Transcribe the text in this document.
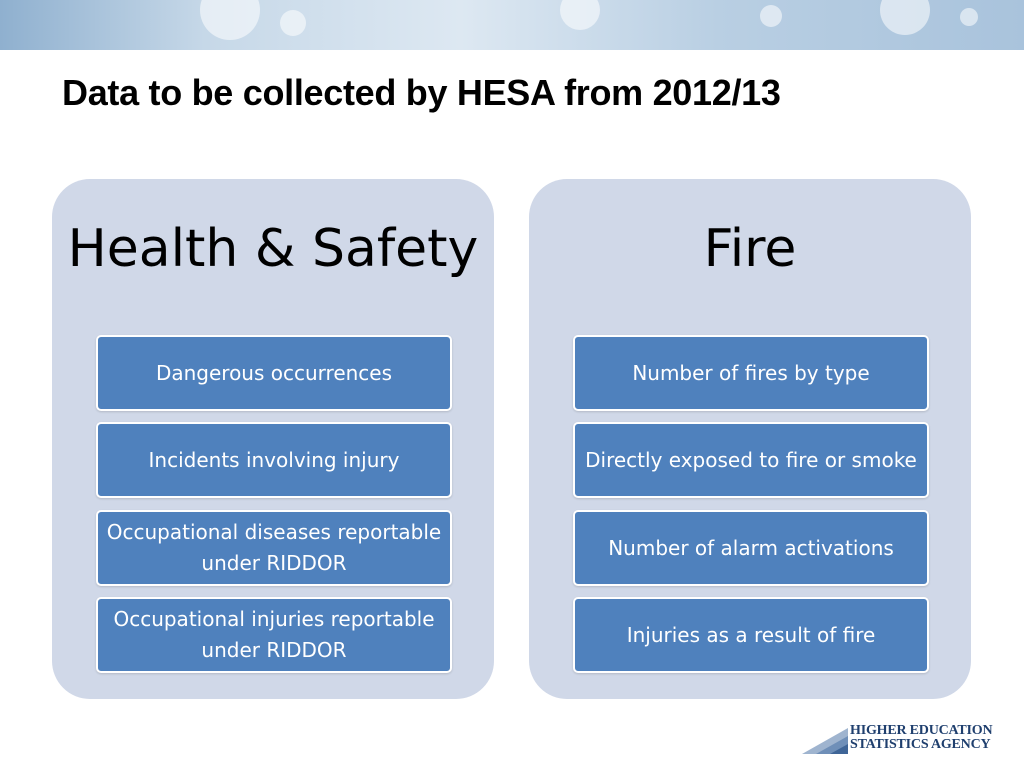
Data to be collected by HESA from 2012/13
Health & Safety
Dangerous occurrences
Incidents involving injury
Occupational diseases reportable under RIDDOR
Occupational injuries reportable under RIDDOR
Fire
Number of fires by type
Directly exposed to fire or smoke
Number of alarm activations
Injuries as a result of fire
HIGHER EDUCATION
STATISTICS AGENCY
